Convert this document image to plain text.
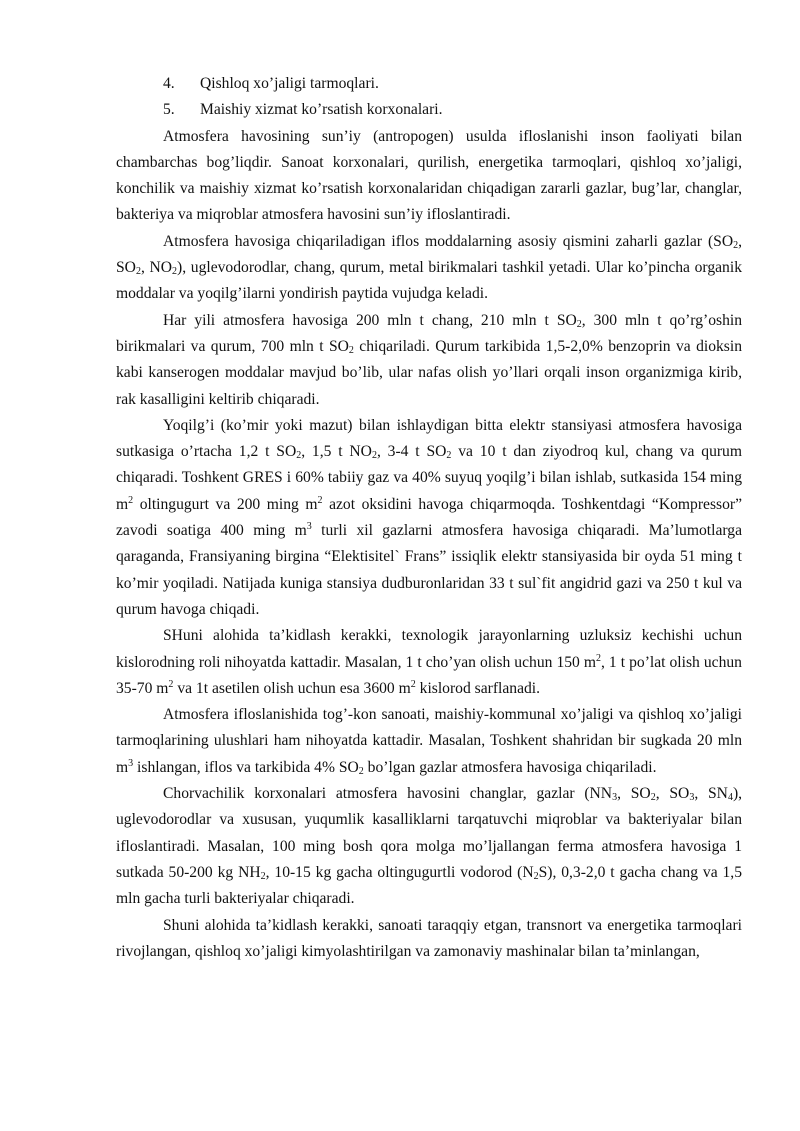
4.	Qishloq xo’jaligi tarmoqlari.
5.	Maishiy xizmat ko’rsatish korxonalari.

Atmosfera havosining sun’iy (antropogen) usulda ifloslanishi inson faoliyati bilan chambarchas bog’liqdir. Sanoat korxonalari, qurilish, energetika tarmoqlari, qishloq xo’jaligi, konchilik va maishiy xizmat ko’rsatish korxonalaridan chiqadigan zararli gazlar, bug’lar, changlar, bakteriya va miqroblar atmosfera havosini sun’iy ifloslantiradi.

Atmosfera havosiga chiqariladigan iflos moddalarning asosiy qismini zaharli gazlar ($SO_2$, $SO_2$, $NO_2$), uglevodorodlar, chang, qurum, metal birikmalari tashkil yetadi. Ular ko’pincha organik moddalar va yoqilg’ilarni yondirish paytida vujudga keladi.

Har yili atmosfera havosiga 200 mln t chang, 210 mln t $SO_2$, 300 mln t qo’rg’oshin birikmalari va qurum, 700 mln t $SO_2$ chiqariladi. Qurum tarkibida 1,5-2,0% benzoprin va dioksin kabi kanserogen moddalar mavjud bo’lib, ular nafas olish yo’llari orqali inson organizmiga kirib, rak kasalligini keltirib chiqaradi.

Yoqilg’i (ko’mir yoki mazut) bilan ishlaydigan bitta elektr stansiyasi atmosfera havosiga sutkasiga o’rtacha 1,2 t $SO_2$, 1,5 t $NO_2$, 3-4 t $SO_2$ va 10 t dan ziyodroq kul, chang va qurum chiqaradi. Toshkent GRES i 60% tabiiy gaz va 40% suyuq yoqilg’i bilan ishlab, sutkasida 154 ming $m^2$ oltingugurt va 200 ming $m^2$ azot oksidini havoga chiqarmoqda. Toshkentdagi “Kompressor” zavodi soatiga 400 ming $m^3$ turli xil gazlarni atmosfera havosiga chiqaradi. Ma’lumotlarga qaraganda, Fransiyaning birgina “Elektisitel` Frans” issiqlik elektr stansiyasida bir oyda 51 ming t ko’mir yoqiladi. Natijada kuniga stansiya dudburonlaridan 33 t sul`fit angidrid gazi va 250 t kul va qurum havoga chiqadi.

SHuni alohida ta’kidlash kerakki, texnologik jarayonlarning uzluksiz kechishi uchun kislorodning roli nihoyatda kattadir. Masalan, 1 t cho’yan olish uchun 150 $m^2$, 1 t po’lat olish uchun 35-70 $m^2$ va 1t asetilen olish uchun esa 3600 $m^2$ kislorod sarflanadi.

Atmosfera ifloslanishida tog’-kon sanoati, maishiy-kommunal xo’jaligi va qishloq xo’jaligi tarmoqlarining ulushlari ham nihoyatda kattadir. Masalan, Toshkent shahridan bir sugkada 20 mln $m^3$ ishlangan, iflos va tarkibida 4% $SO_2$ bo’lgan gazlar atmosfera havosiga chiqariladi.

Chorvachilik korxonalari atmosfera havosini changlar, gazlar ($NN_3$, $SO_2$, $SO_3$, $SN_4$), uglevodorodlar va xususan, yuqumlik kasalliklarni tarqatuvchi miqroblar va bakteriyalar bilan ifloslantiradi. Masalan, 100 ming bosh qora molga mo’ljallangan ferma atmosfera havosiga 1 sutkada 50-200 kg $NH_2$, 10-15 kg gacha oltingugurtli vodorod $(N_2S)$, 0,3-2,0 t gacha chang va 1,5 mln gacha turli bakteriyalar chiqaradi.

Shuni alohida ta’kidlash kerakki, sanoati taraqqiy etgan, transnort va energetika tarmoqlari rivojlangan, qishloq xo’jaligi kimyolashtirilgan va zamonaviy mashinalar bilan ta’minlangan,
